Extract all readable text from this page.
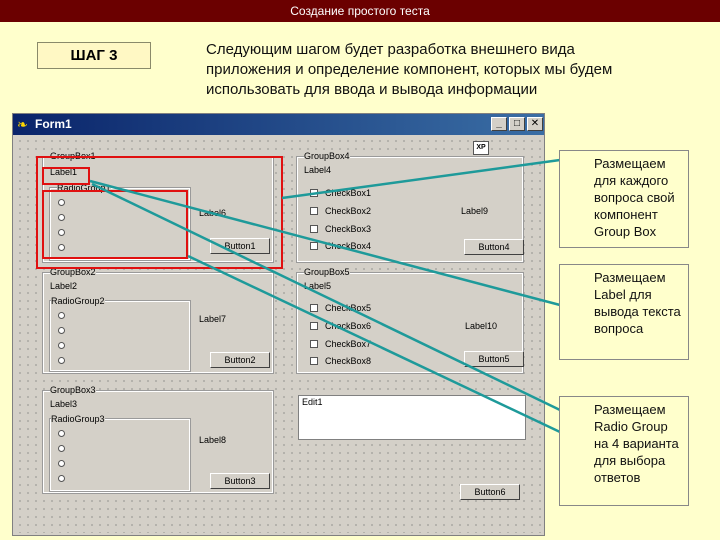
Создание простого теста
ШАГ 3	Следующим шагом будет разработка внешнего вида приложения и определение компонент, которых мы будем использовать для ввода и вывода информации
❧ Form1	_	□	✕
XP
GroupBox1
Label1
RadioGroup1
Label6
Button1
GroupBox2
Label2
RadioGroup2
Label7
Button2
GroupBox3
Label3
RadioGroup3
Label8
Button3
GroupBox4
Label4
CheckBox1
CheckBox2
CheckBox3
CheckBox4
Label9
Button4
GroupBox5
Label5
CheckBox5
CheckBox6
CheckBox7
CheckBox8
Label10
Button5
Edit1
Button6
Размещаем для каждого вопроса свой компонент Group Box
Размещаем Label для вывода текста вопроса
Размещаем Radio Group на 4 варианта для выбора ответов
